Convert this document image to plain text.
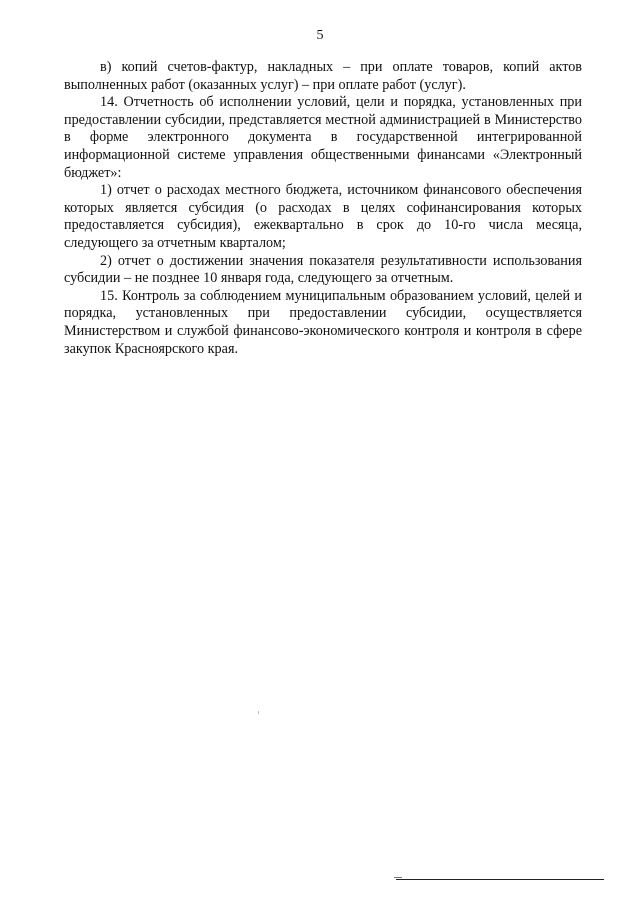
5

в) копий счетов-фактур, накладных – при оплате товаров, копий актов выполненных работ (оказанных услуг) – при оплате работ (услуг).

14. Отчетность об исполнении условий, цели и порядка, установленных при предоставлении субсидии, представляется местной администрацией в Министерство в форме электронного документа в государственной интегрированной информационной системе управления общественными финансами «Электронный бюджет»:

1) отчет о расходах местного бюджета, источником финансового обеспечения которых является субсидия (о расходах в целях софинансирования которых предоставляется субсидия), ежеквартально в срок до 10-го числа месяца, следующего за отчетным кварталом;

2) отчет о достижении значения показателя результативности использования субсидии – не позднее 10 января года, следующего за отчетным.

15. Контроль за соблюдением муниципальным образованием условий, целей и порядка, установленных при предоставлении субсидии, осуществляется Министерством и службой финансово-экономического контроля и контроля в сфере закупок Красноярского края.
